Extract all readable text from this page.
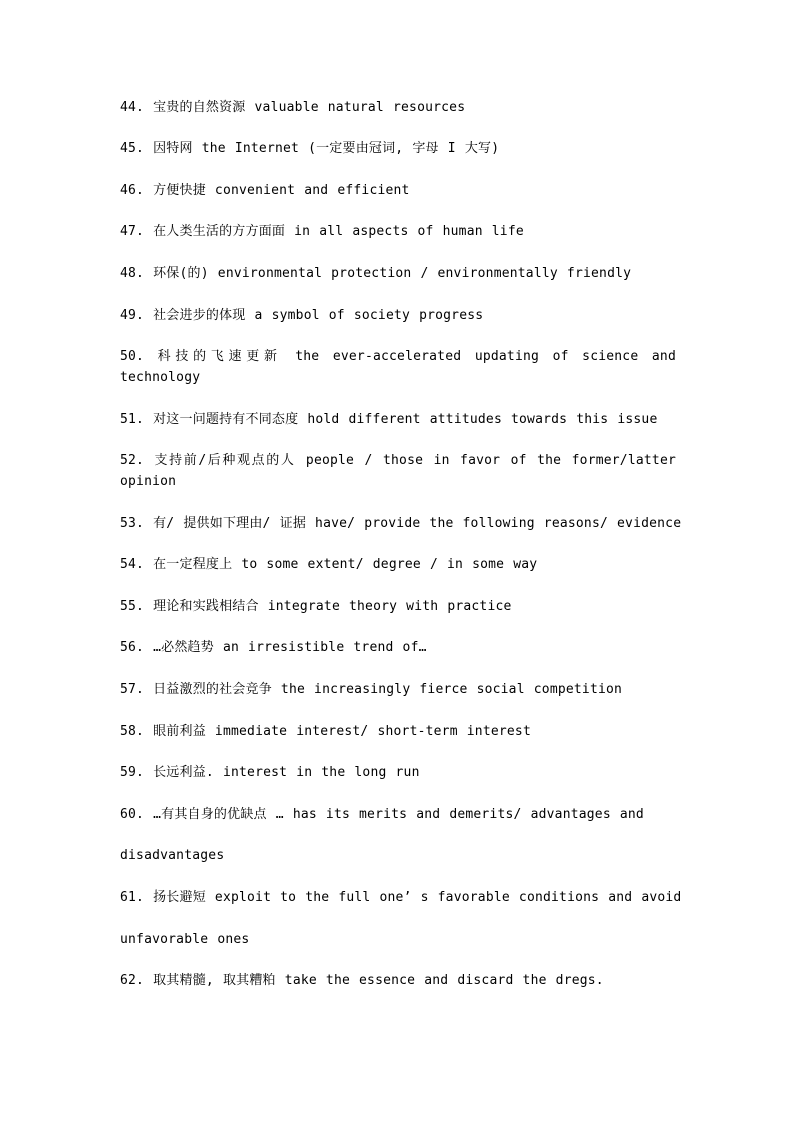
44. 宝贵的自然资源 valuable natural resources
45. 因特网 the Internet (一定要由冠词, 字母 I 大写)
46. 方便快捷 convenient and efficient
47. 在人类生活的方方面面 in all aspects of human life
48. 环保(的) environmental protection / environmentally friendly
49. 社会进步的体现 a symbol of society progress
50. 科技的飞速更新 the ever-accelerated updating of science and technology
51. 对这一问题持有不同态度 hold different attitudes towards this issue
52. 支持前/后种观点的人 people / those in favor of the former/latter opinion
53. 有/ 提供如下理由/ 证据 have/ provide the following reasons/ evidence
54. 在一定程度上 to some extent/ degree / in some way
55. 理论和实践相结合 integrate theory with practice
56. …必然趋势 an irresistible trend of…
57. 日益激烈的社会竞争 the increasingly fierce social competition
58. 眼前利益 immediate interest/ short-term interest
59. 长远利益. interest in the long run
60. …有其自身的优缺点 … has its merits and demerits/ advantages and
disadvantages
61. 扬长避短 exploit to the full one’ s favorable conditions and avoid
unfavorable ones
62. 取其精髓, 取其糟粕 take the essence and discard the dregs.
